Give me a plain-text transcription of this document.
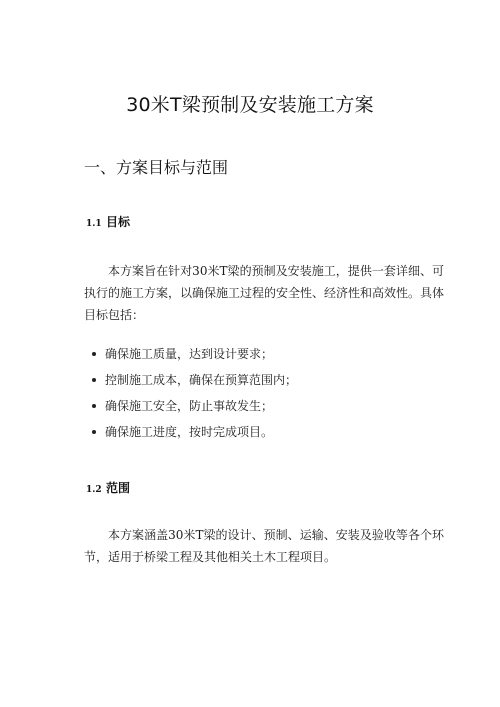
30米T梁预制及安装施工方案
一、方案目标与范围
1.1 目标
本方案旨在针对30米T梁的预制及安装施工，提供一套详细、可执行的施工方案，以确保施工过程的安全性、经济性和高效性。具体目标包括：
确保施工质量，达到设计要求；
控制施工成本，确保在预算范围内；
确保施工安全，防止事故发生；
确保施工进度，按时完成项目。
1.2 范围
本方案涵盖30米T梁的设计、预制、运输、安装及验收等各个环节，适用于桥梁工程及其他相关土木工程项目。
